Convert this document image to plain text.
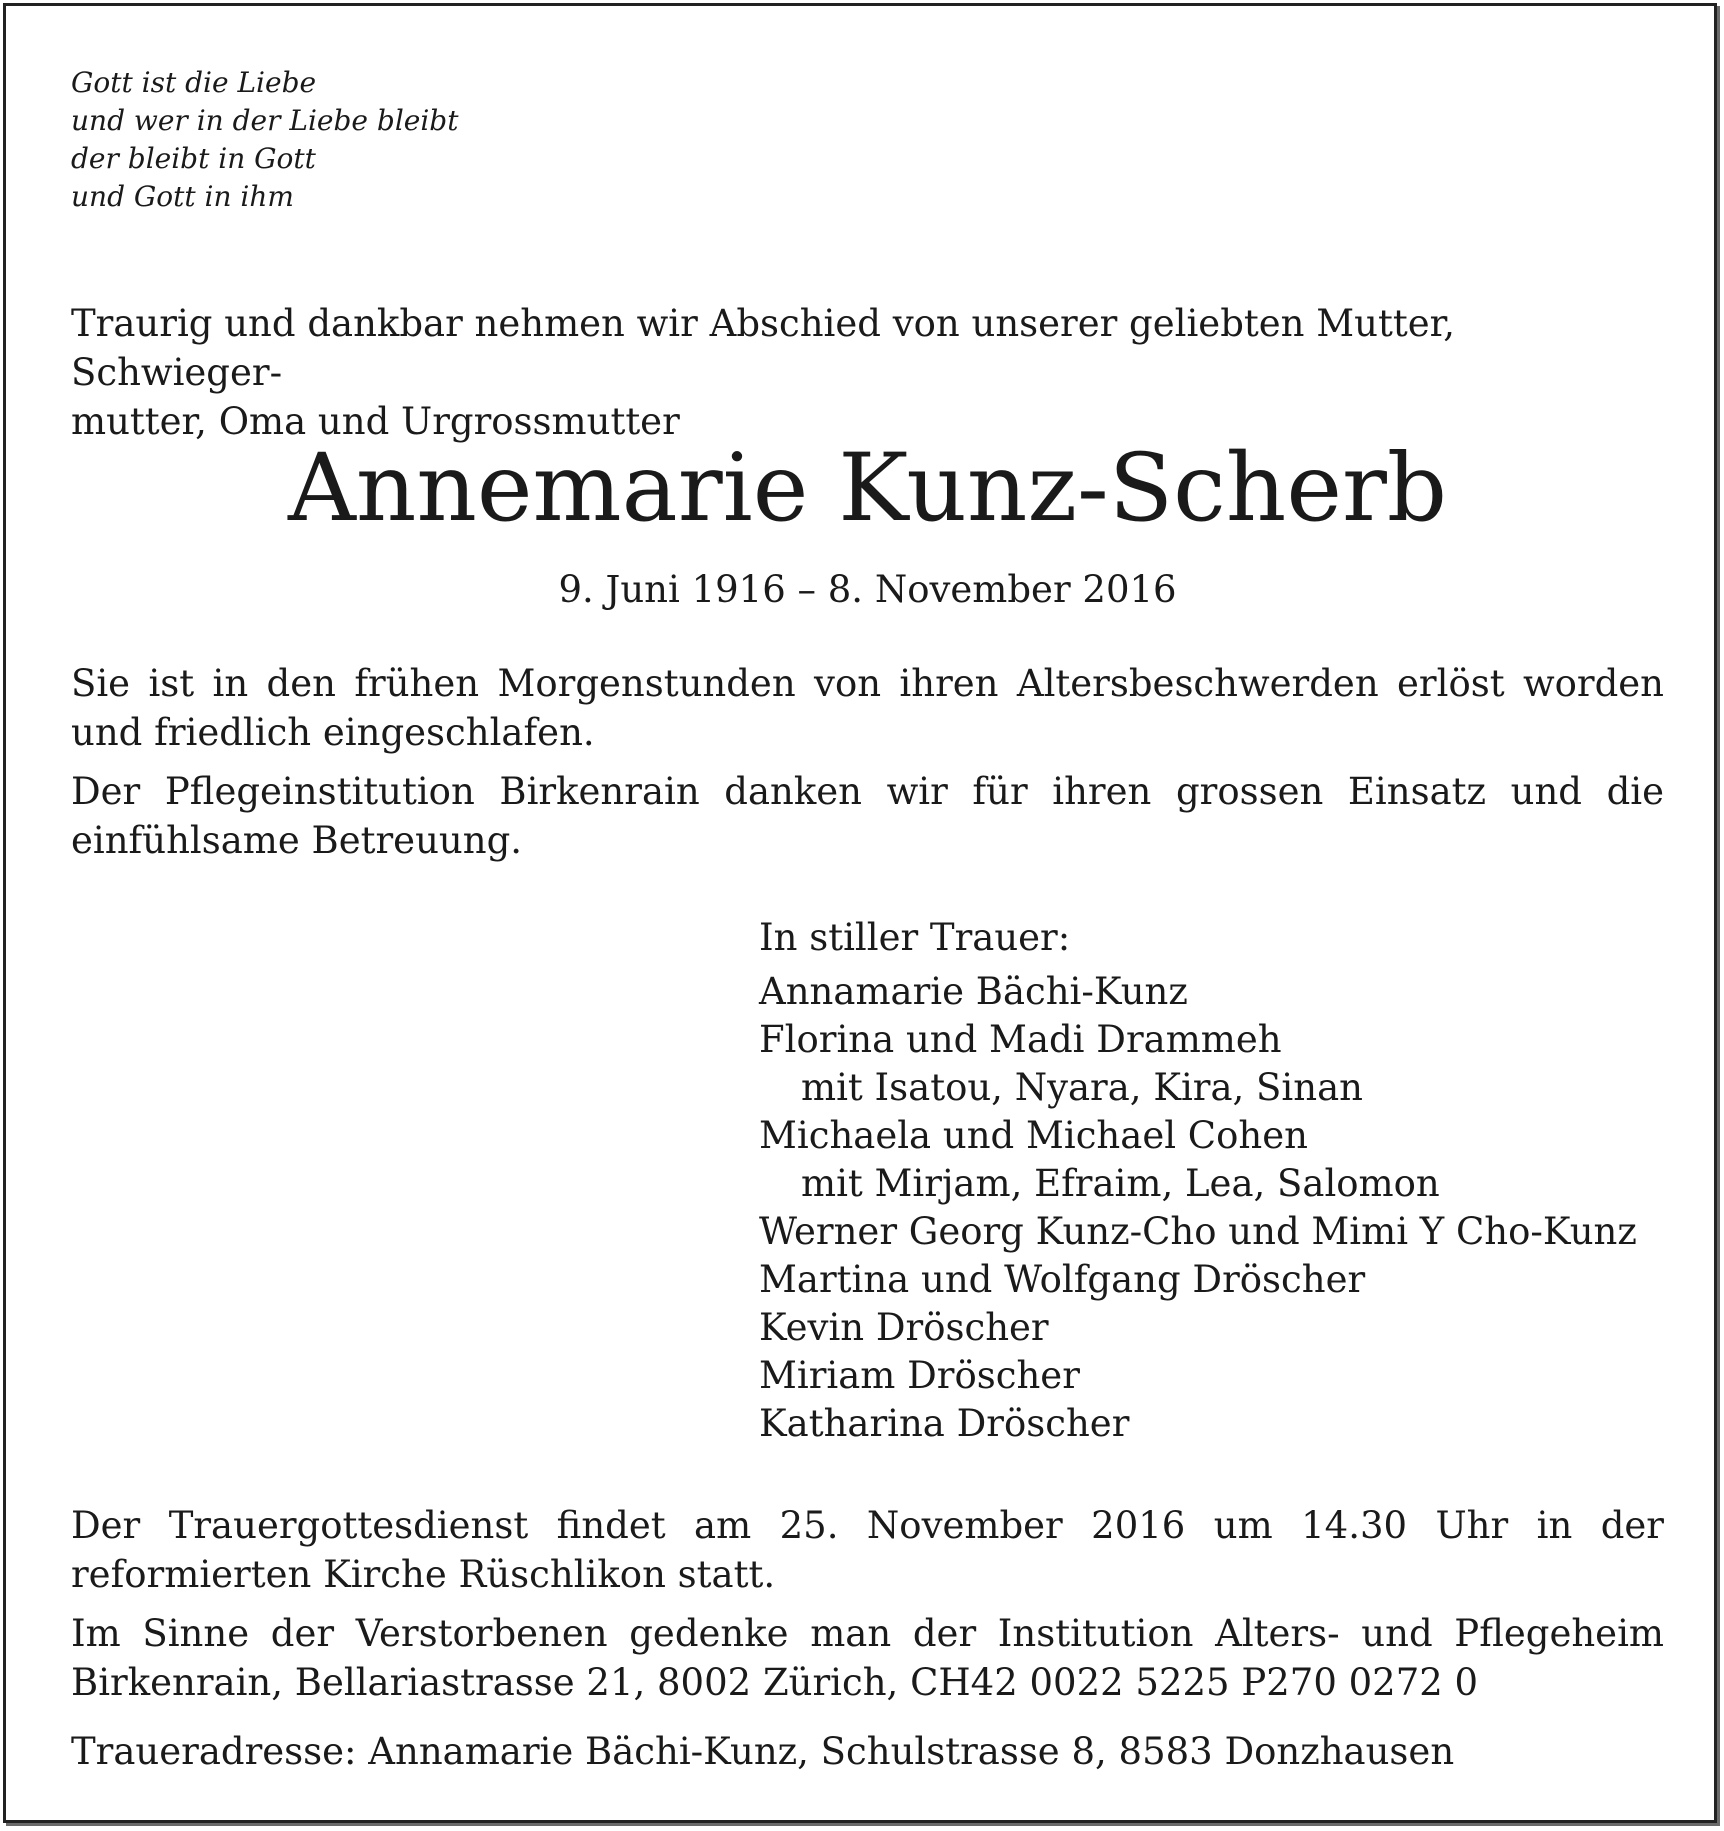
Gott ist die Liebe
und wer in der Liebe bleibt
der bleibt in Gott
und Gott in ihm
Traurig und dankbar nehmen wir Abschied von unserer geliebten Mutter, Schwieger-
mutter, Oma und Urgrossmutter
Annemarie Kunz-Scherb
9. Juni 1916 – 8. November 2016
Sie ist in den frühen Morgenstunden von ihren Altersbeschwerden erlöst worden und friedlich eingeschlafen.
Der Pflegeinstitution Birkenrain danken wir für ihren grossen Einsatz und die einfühlsame Betreuung.
In stiller Trauer:
Annamarie Bächi-Kunz
Florina und Madi Drammeh
mit Isatou, Nyara, Kira, Sinan
Michaela und Michael Cohen
mit Mirjam, Efraim, Lea, Salomon
Werner Georg Kunz-Cho und Mimi Y Cho-Kunz
Martina und Wolfgang Dröscher
Kevin Dröscher
Miriam Dröscher
Katharina Dröscher
Der Trauergottesdienst findet am 25. November 2016 um 14.30 Uhr in der reformierten Kirche Rüschlikon statt.
Im Sinne der Verstorbenen gedenke man der Institution Alters- und Pflegeheim Birkenrain, Bellariastrasse 21, 8002 Zürich, CH42 0022 5225 P270 0272 0
Traueradresse: Annamarie Bächi-Kunz, Schulstrasse 8, 8583 Donzhausen
